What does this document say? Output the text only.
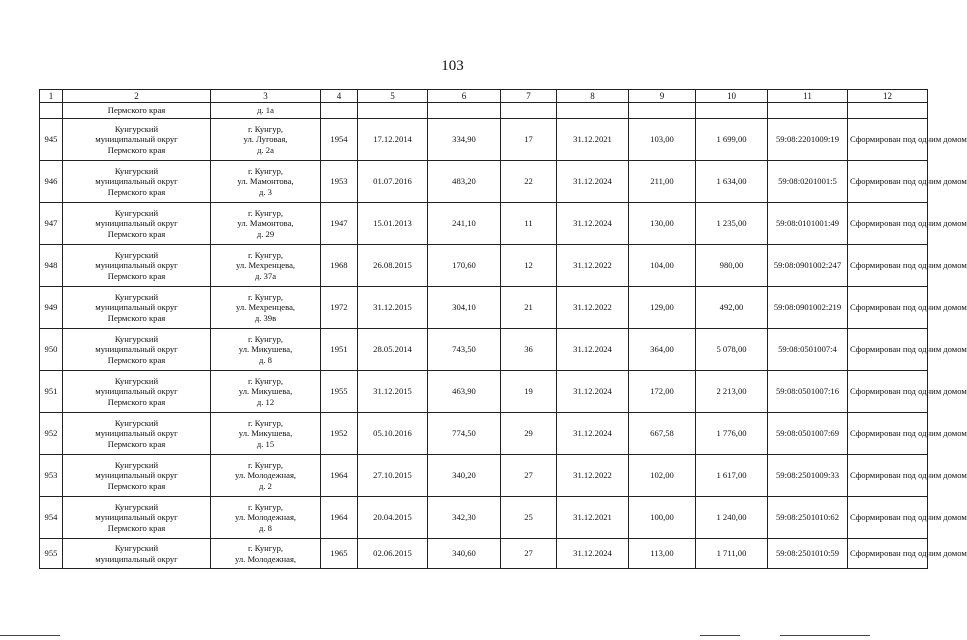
103
1	2	3	4	5	6	7	8	9	10	11	12
	Пермского края	д. 1а									
945	Кунгурский
муниципальный округ
Пермского края	г. Кунгур,
ул. Луговая,
д. 2а	1954	17.12.2014	334,90	17	31.12.2021	103,00	1 699,00	59:08:2201009:19	Сформирован под одним домом
946	Кунгурский
муниципальный округ
Пермского края	г. Кунгур,
ул. Мамонтова,
д. 3	1953	01.07.2016	483,20	22	31.12.2024	211,00	1 634,00	59:08:0201001:5	Сформирован под одним домом
947	Кунгурский
муниципальный округ
Пермского края	г. Кунгур,
ул. Мамонтова,
д. 29	1947	15.01.2013	241,10	11	31.12.2024	130,00	1 235,00	59:08:0101001:49	Сформирован под одним домом
948	Кунгурский
муниципальный округ
Пермского края	г. Кунгур,
ул. Мехренцева,
д. 37а	1968	26.08.2015	170,60	12	31.12.2022	104,00	980,00	59:08:0901002:247	Сформирован под одним домом
949	Кунгурский
муниципальный округ
Пермского края	г. Кунгур,
ул. Мехренцева,
д. 39в	1972	31.12.2015	304,10	21	31.12.2022	129,00	492,00	59:08:0901002:219	Сформирован под одним домом
950	Кунгурский
муниципальный округ
Пермского края	г. Кунгур,
ул. Микушева,
д. 8	1951	28.05.2014	743,50	36	31.12.2024	364,00	5 078,00	59:08:0501007:4	Сформирован под одним домом
951	Кунгурский
муниципальный округ
Пермского края	г. Кунгур,
ул. Микушева,
д. 12	1955	31.12.2015	463,90	19	31.12.2024	172,00	2 213,00	59:08:0501007:16	Сформирован под одним домом
952	Кунгурский
муниципальный округ
Пермского края	г. Кунгур,
ул. Микушева,
д. 15	1952	05.10.2016	774,50	29	31.12.2024	667,58	1 776,00	59:08:0501007:69	Сформирован под одним домом
953	Кунгурский
муниципальный округ
Пермского края	г. Кунгур,
ул. Молодежная,
д. 2	1964	27.10.2015	340,20	27	31.12.2022	102,00	1 617,00	59:08:2501009:33	Сформирован под одним домом
954	Кунгурский
муниципальный округ
Пермского края	г. Кунгур,
ул. Молодежная,
д. 8	1964	20.04.2015	342,30	25	31.12.2021	100,00	1 240,00	59:08:2501010:62	Сформирован под одним домом
955	Кунгурский
муниципальный округ	г. Кунгур,
ул. Молодежная,	1965	02.06.2015	340,60	27	31.12.2024	113,00	1 711,00	59:08:2501010:59	Сформирован под одним домом
